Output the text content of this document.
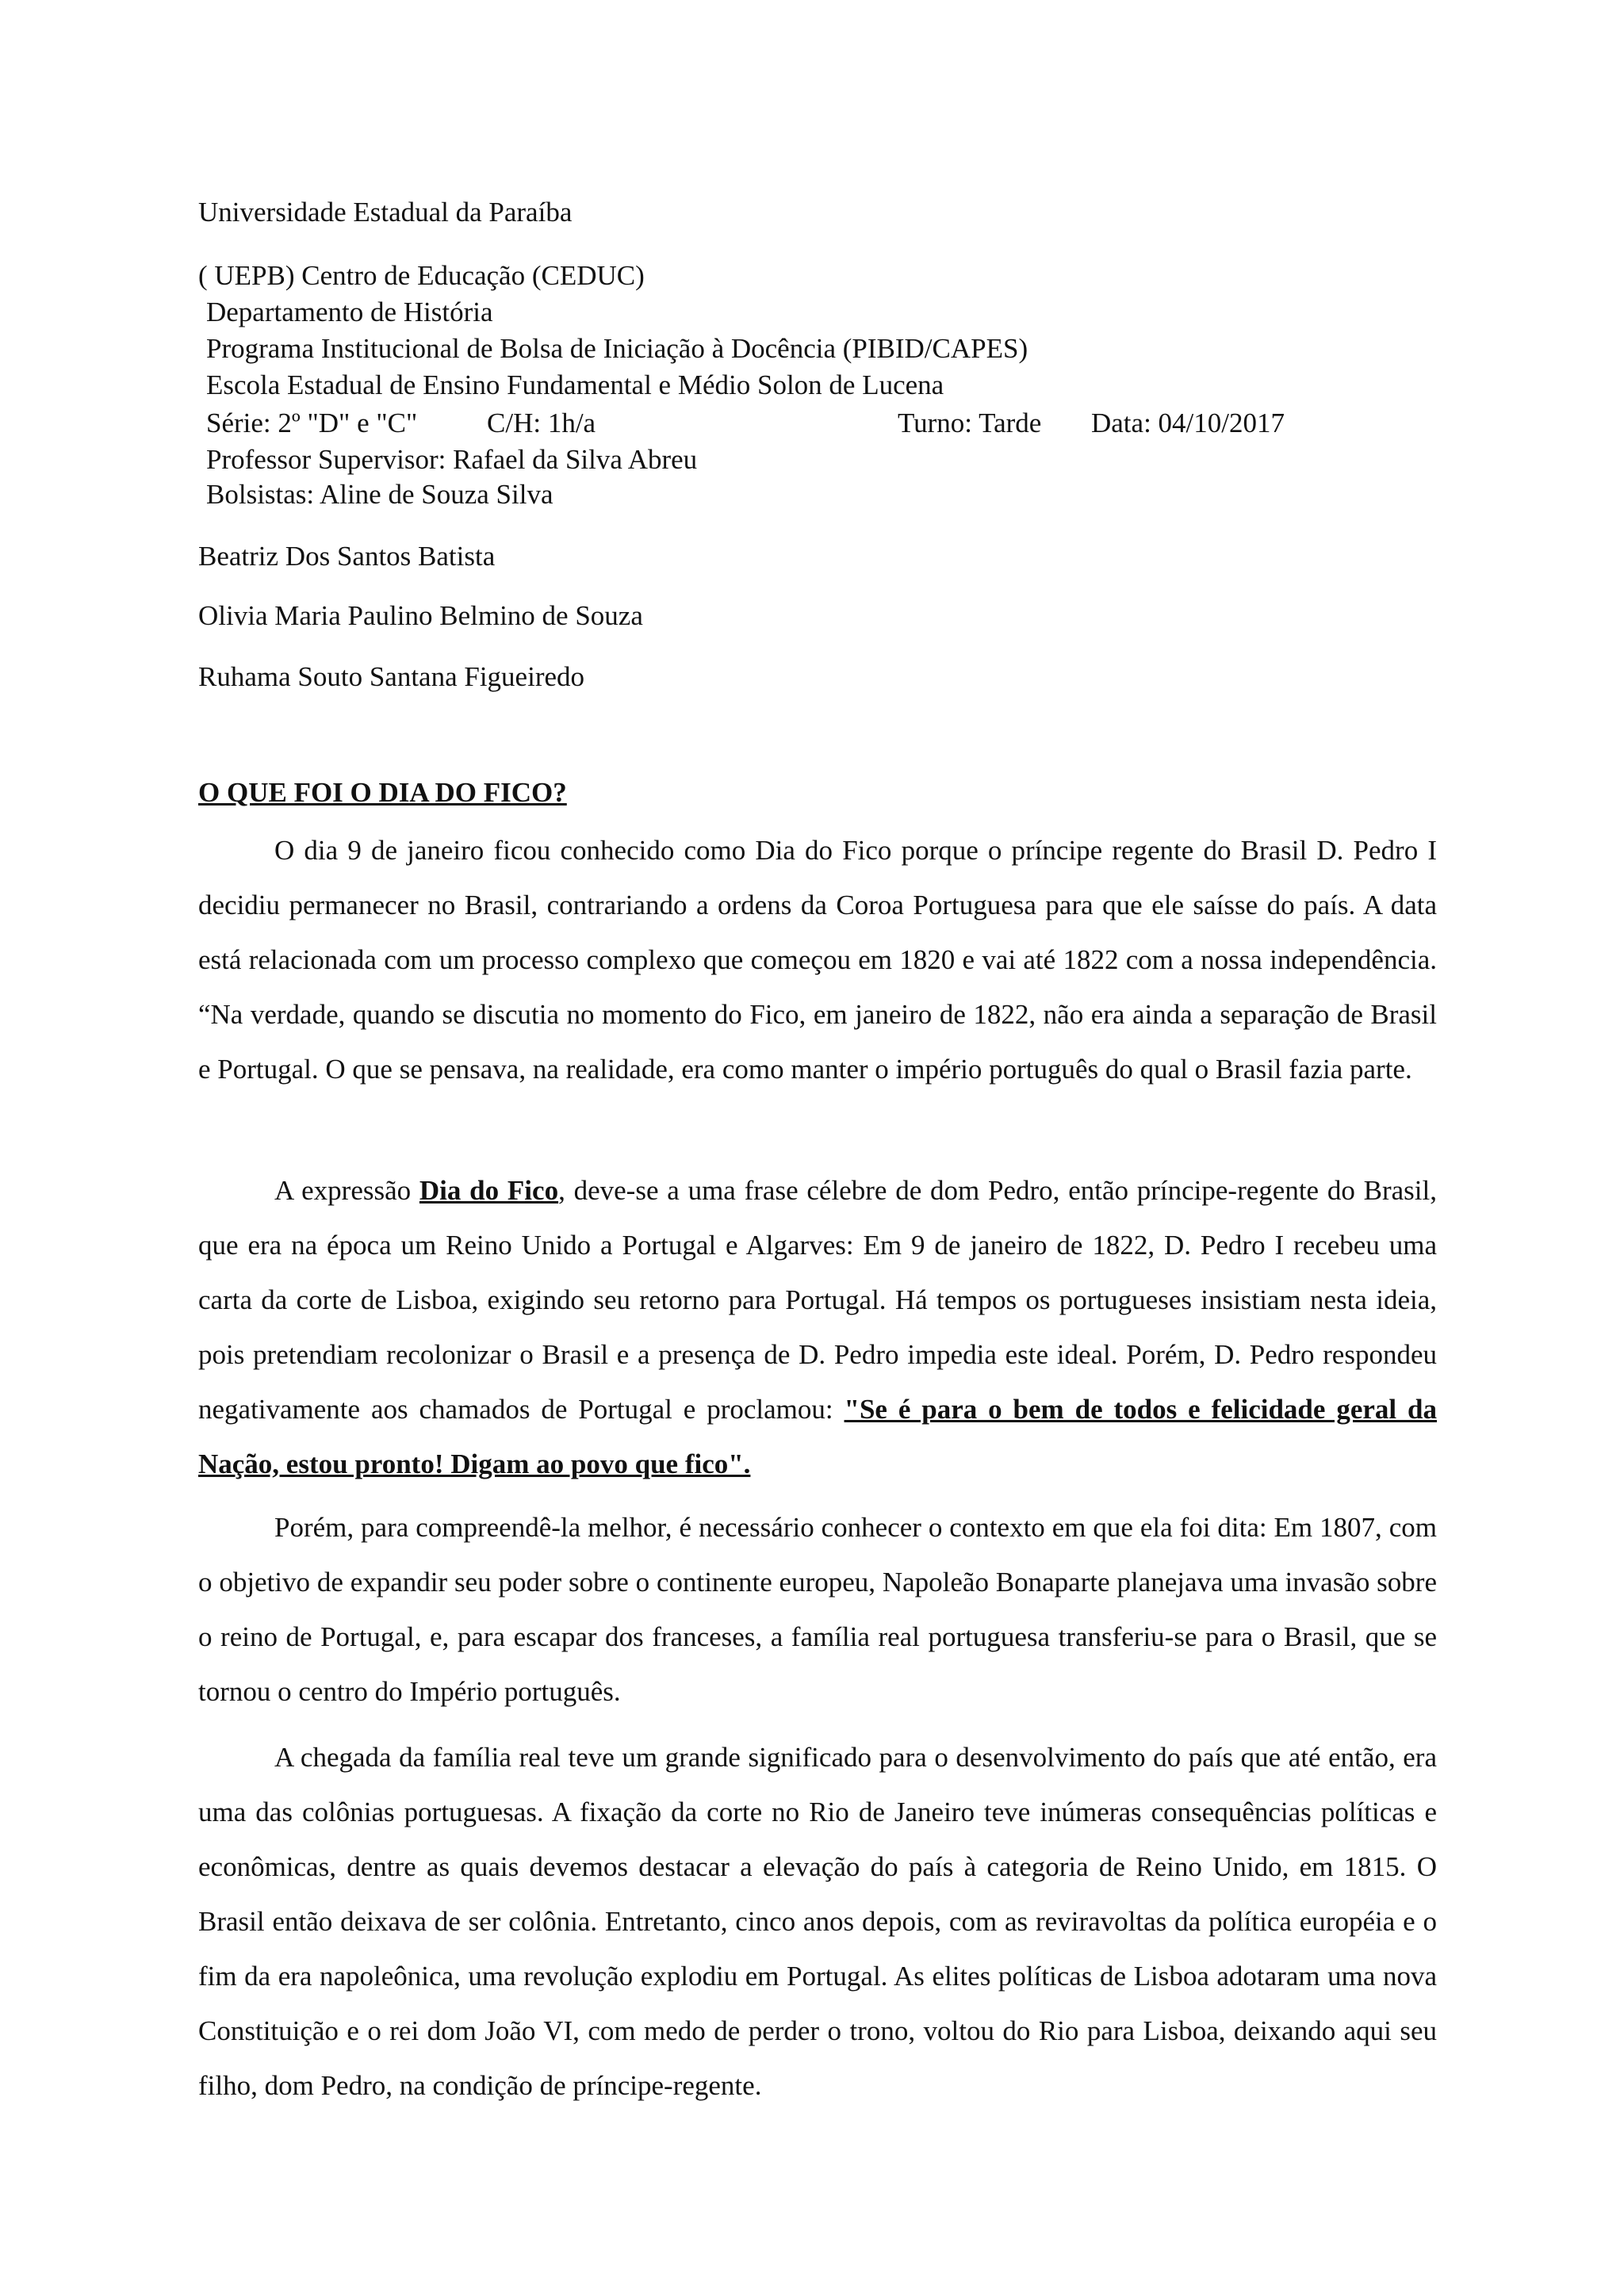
Universidade Estadual da Paraíba
( UEPB) Centro de Educação (CEDUC)
Departamento de História
Programa Institucional de Bolsa de Iniciação à Docência (PIBID/CAPES)
Escola Estadual de Ensino Fundamental e Médio Solon de Lucena
Série: 2º "D" e "C"	C/H: 1h/a	Turno: Tarde Data: 04/10/2017
Professor Supervisor: Rafael da Silva Abreu
Bolsistas: Aline de Souza Silva
Beatriz Dos Santos Batista
Olivia Maria Paulino Belmino de Souza
Ruhama Souto Santana Figueiredo
O QUE FOI O DIA DO FICO?

O dia 9 de janeiro ficou conhecido como Dia do Fico porque o príncipe regente do Brasil D. Pedro I decidiu permanecer no Brasil, contrariando a ordens da Coroa Portuguesa para que ele saísse do país. A data está relacionada com um processo complexo que começou em 1820 e vai até 1822 com a nossa independência. “Na verdade, quando se discutia no momento do Fico, em janeiro de 1822, não era ainda a separação de Brasil e Portugal. O que se pensava, na realidade, era como manter o império português do qual o Brasil fazia parte.

A expressão Dia do Fico, deve-se a uma frase célebre de dom Pedro, então príncipe-regente do Brasil, que era na época um Reino Unido a Portugal e Algarves: Em 9 de janeiro de 1822, D. Pedro I recebeu uma carta da corte de Lisboa, exigindo seu retorno para Portugal. Há tempos os portugueses insistiam nesta ideia, pois pretendiam recolonizar o Brasil e a presença de D. Pedro impedia este ideal. Porém, D. Pedro respondeu negativamente aos chamados de Portugal e proclamou: "Se é para o bem de todos e felicidade geral da Nação, estou pronto! Digam ao povo que fico".

Porém, para compreendê-la melhor, é necessário conhecer o contexto em que ela foi dita: Em 1807, com o objetivo de expandir seu poder sobre o continente europeu, Napoleão Bonaparte planejava uma invasão sobre o reino de Portugal, e, para escapar dos franceses, a família real portuguesa transferiu-se para o Brasil, que se tornou o centro do Império português.

A chegada da família real teve um grande significado para o desenvolvimento do país que até então, era uma das colônias portuguesas. A fixação da corte no Rio de Janeiro teve inúmeras consequências políticas e econômicas, dentre as quais devemos destacar a elevação do país à categoria de Reino Unido, em 1815. O Brasil então deixava de ser colônia. Entretanto, cinco anos depois, com as reviravoltas da política européia e o fim da era napoleônica, uma revolução explodiu em Portugal. As elites políticas de Lisboa adotaram uma nova Constituição e o rei dom João VI, com medo de perder o trono, voltou do Rio para Lisboa, deixando aqui seu filho, dom Pedro, na condição de príncipe-regente.
